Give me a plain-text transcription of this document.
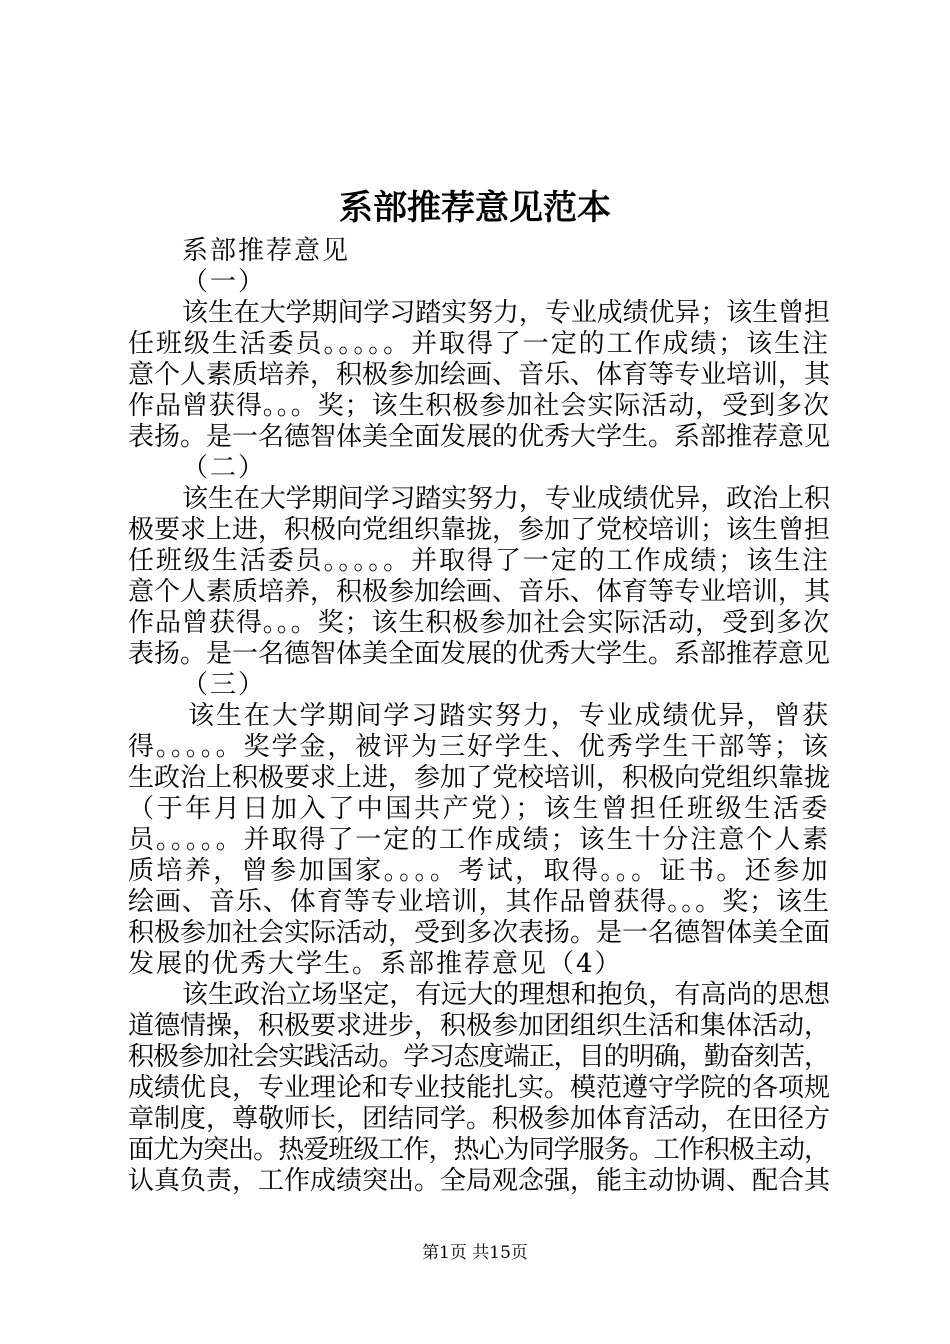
系部推荐意见范本
系部推荐意见
（一）
该生在大学期间学习踏实努力，专业成绩优异；该生曾担
任班级生活委员。。。。。并取得了一定的工作成绩；该生注
意个人素质培养，积极参加绘画、音乐、体育等专业培训，其
作品曾获得。。。奖；该生积极参加社会实际活动，受到多次
表扬。是一名德智体美全面发展的优秀大学生。系部推荐意见
（二）
该生在大学期间学习踏实努力，专业成绩优异，政治上积
极要求上进，积极向党组织靠拢，参加了党校培训；该生曾担
任班级生活委员。。。。。并取得了一定的工作成绩；该生注
意个人素质培养，积极参加绘画、音乐、体育等专业培训，其
作品曾获得。。。奖；该生积极参加社会实际活动，受到多次
表扬。是一名德智体美全面发展的优秀大学生。系部推荐意见
（三）
该生在大学期间学习踏实努力，专业成绩优异，曾获
得。。。。。奖学金，被评为三好学生、优秀学生干部等；该
生政治上积极要求上进，参加了党校培训，积极向党组织靠拢
（于年月日加入了中国共产党）；该生曾担任班级生活委
员。。。。。并取得了一定的工作成绩；该生十分注意个人素
质培养，曾参加国家。。。。考试，取得。。。证书。还参加
绘画、音乐、体育等专业培训，其作品曾获得。。。奖；该生
积极参加社会实际活动，受到多次表扬。是一名德智体美全面
发展的优秀大学生。系部推荐意见（4）
该生政治立场坚定，有远大的理想和抱负，有高尚的思想
道德情操，积极要求进步，积极参加团组织生活和集体活动，
积极参加社会实践活动。学习态度端正，目的明确，勤奋刻苦，
成绩优良，专业理论和专业技能扎实。模范遵守学院的各项规
章制度，尊敬师长，团结同学。积极参加体育活动，在田径方
面尤为突出。热爱班级工作，热心为同学服务。工作积极主动，
认真负责，工作成绩突出。全局观念强，能主动协调、配合其
第1页 共15页
